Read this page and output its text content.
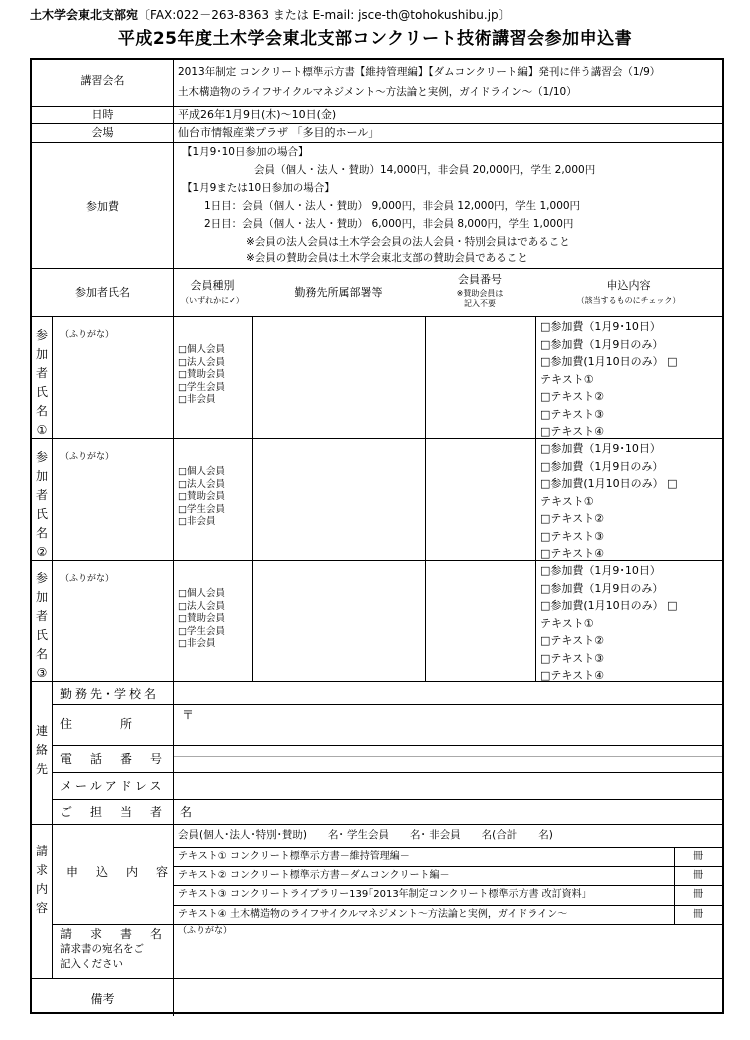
土木学会東北支部宛〔FAX:022－263-8363 または E-mail: jsce-th@tohokushibu.jp〕
平成25年度土木学会東北支部コンクリート技術講習会参加申込書
講習会名
2013年制定 コンクリート標準示方書【維持管理編】【ダムコンクリート編】発刊に伴う講習会（1/9）
土木構造物のライフサイクルマネジメント～方法論と実例，ガイドライン～（1/10）
日時	平成26年1月9日(木)～10日(金)
会場	仙台市情報産業プラザ 「多目的ホール」
参加費
【1月9･10日参加の場合】
会員（個人・法人・賛助）14,000円，非会員 20,000円，学生 2,000円
【1月9または10日参加の場合】
1日目：会員（個人・法人・賛助） 9,000円，非会員 12,000円，学生 1,000円
2日目：会員（個人・法人・賛助） 6,000円，非会員 8,000円，学生 1,000円
※会員の法人会員は土木学会会員の法人会員・特別会員はであること
※会員の賛助会員は土木学会東北支部の賛助会員であること
参加者氏名
会員種別
（いずれかに✓）
勤務先所属部署等
会員番号
※賛助会員は
記入不要
申込内容
（該当するものにチェック）
参加者氏名①
（ふりがな）
□個人会員
□法人会員
□賛助会員
□学生会員
□非会員
□参加費（1月9･10日）
□参加費（1月9日のみ）
□参加費(1月10日のみ） □
テキスト①
□テキスト②
□テキスト③
□テキスト④
参加者氏名②
（ふりがな）
□個人会員
□法人会員
□賛助会員
□学生会員
□非会員
□参加費（1月9･10日）
□参加費（1月9日のみ）
□参加費(1月10日のみ） □
テキスト①
□テキスト②
□テキスト③
□テキスト④
参加者氏名③
（ふりがな）
□個人会員
□法人会員
□賛助会員
□学生会員
□非会員
□参加費（1月9･10日）
□参加費（1月9日のみ）
□参加費(1月10日のみ） □
テキスト①
□テキスト②
□テキスト③
□テキスト④
連絡先
勤務先･学校名
住　　　所
〒
電　話　番　号
メールアドレス
ご　担　当　者　名
請求内容
申　込　内　容
会員(個人･法人･特別･賛助)　　名･ 学生会員　　名･ 非会員　　名(合計　　名)
テキスト① コンクリート標準示方書－維持管理編－
テキスト② コンクリート標準示方書－ダムコンクリート編－
テキスト③ コンクリートライブラリー139｢2013年制定コンクリート標準示方書 改訂資料｣
テキスト④ 土木構造物のライフサイクルマネジメント～方法論と実例，ガイドライン～
冊
冊
冊
冊
請　求　書　名
請求書の宛名をご
記入ください
（ふりがな）
備考
